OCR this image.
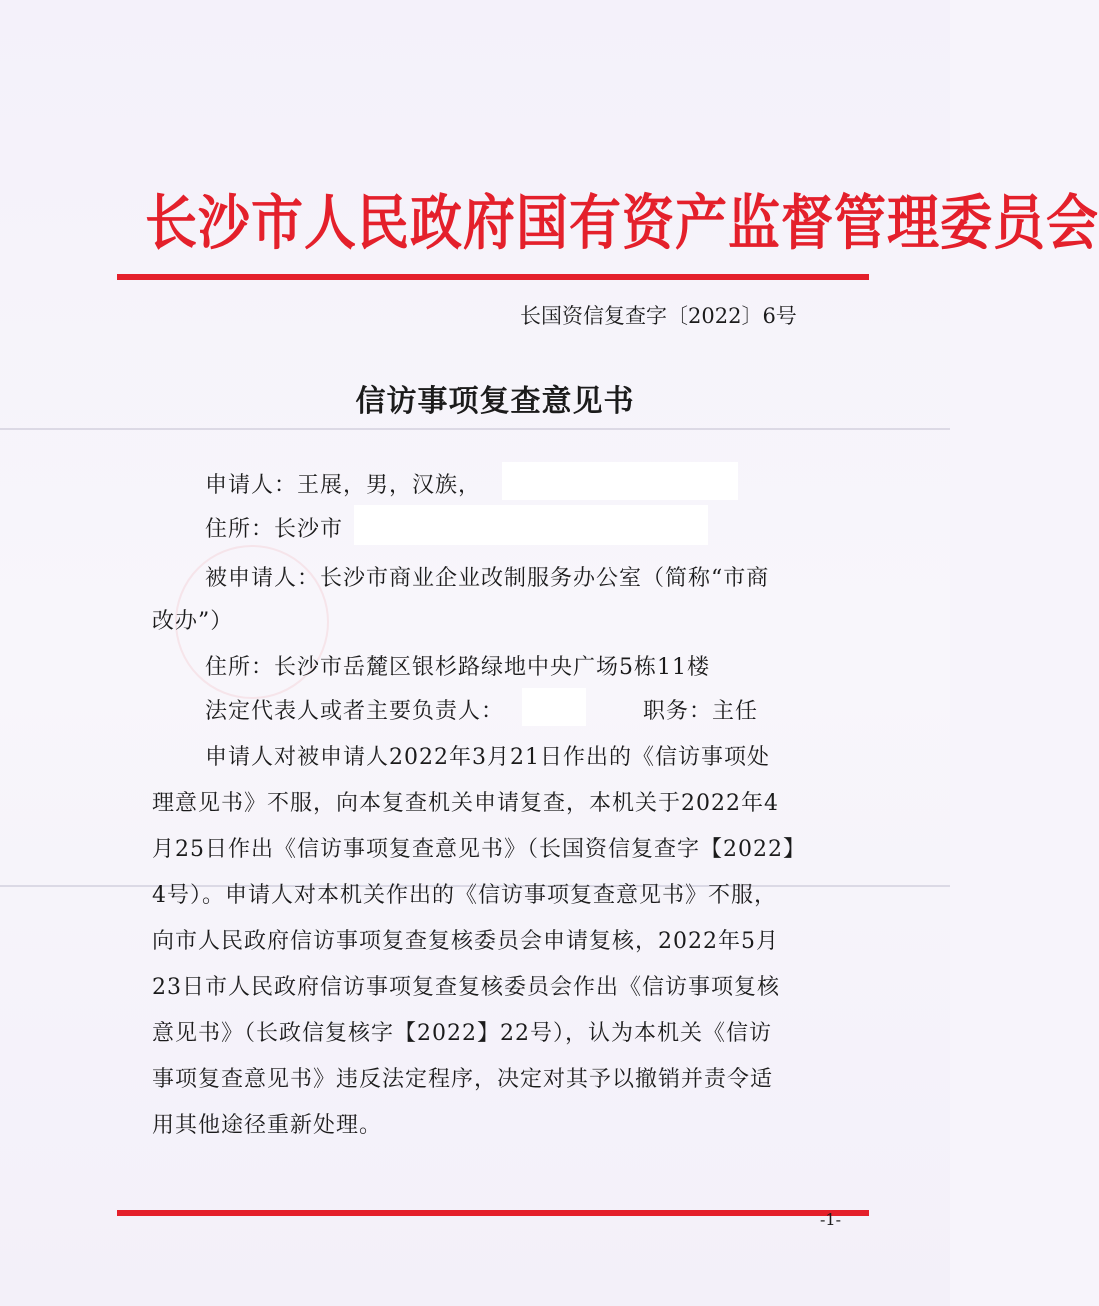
长沙市人民政府国有资产监督管理委员会
长国资信复查字〔2022〕6号
信访事项复查意见书
申请人：王展，男，汉族，
住所：长沙市
被申请人：长沙市商业企业改制服务办公室（简称“市商
改办”）
住所：长沙市岳麓区银杉路绿地中央广场5栋11楼
法定代表人或者主要负责人：	职务：主任
申请人对被申请人2022年3月21日作出的《信访事项处
理意见书》不服，向本复查机关申请复查，本机关于2022年4
月25日作出《信访事项复查意见书》（长国资信复查字【2022】
4号）。申请人对本机关作出的《信访事项复查意见书》不服，
向市人民政府信访事项复查复核委员会申请复核，2022年5月
23日市人民政府信访事项复查复核委员会作出《信访事项复核
意见书》（长政信复核字【2022】22号），认为本机关《信访
事项复查意见书》违反法定程序，决定对其予以撤销并责令适
用其他途径重新处理。
-1-
